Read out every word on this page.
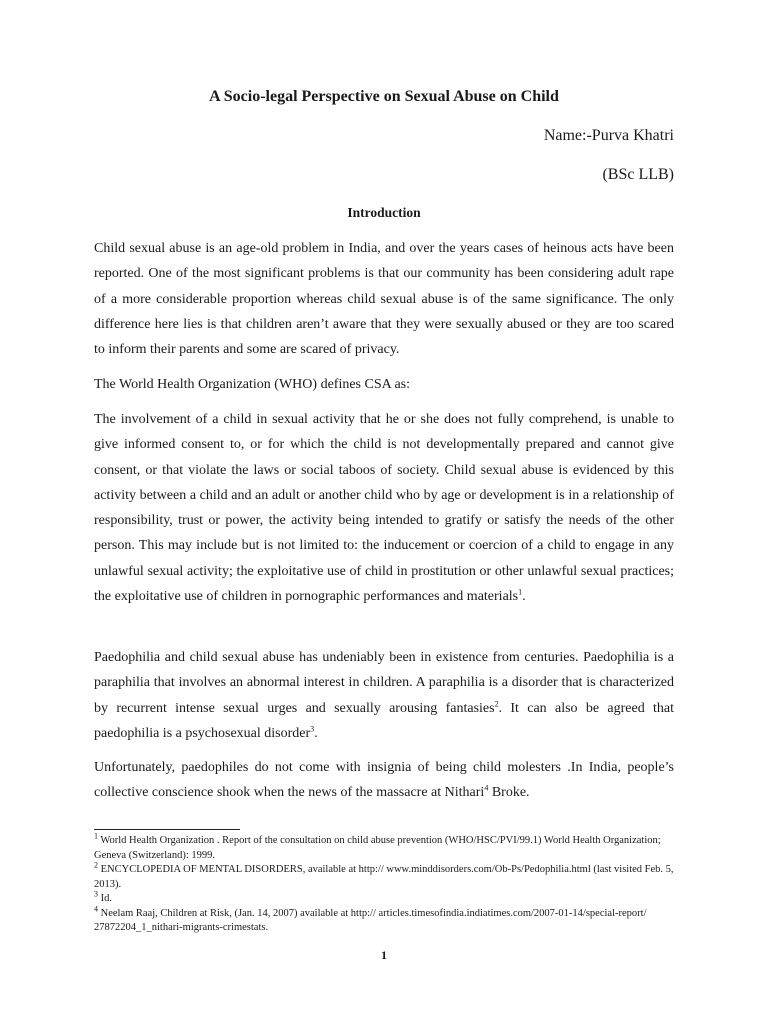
A Socio-legal Perspective on Sexual Abuse on Child
Name:-Purva Khatri
(BSc LLB)
Introduction

Child sexual abuse is an age-old problem in India, and over the years cases of heinous acts have been reported. One of the most significant problems is that our community has been considering adult rape of a more considerable proportion whereas child sexual abuse is of the same significance. The only difference here lies is that children aren’t aware that they were sexually abused or they are too scared to inform their parents and some are scared of privacy.

The World Health Organization (WHO) defines CSA as:

The involvement of a child in sexual activity that he or she does not fully comprehend, is unable to give informed consent to, or for which the child is not developmentally prepared and cannot give consent, or that violate the laws or social taboos of society. Child sexual abuse is evidenced by this activity between a child and an adult or another child who by age or development is in a relationship of responsibility, trust or power, the activity being intended to gratify or satisfy the needs of the other person. This may include but is not limited to: the inducement or coercion of a child to engage in any unlawful sexual activity; the exploitative use of child in prostitution or other unlawful sexual practices; the exploitative use of children in pornographic performances and materials$^1$.

Paedophilia and child sexual abuse has undeniably been in existence from centuries. Paedophilia is a paraphilia that involves an abnormal interest in children. A paraphilia is a disorder that is characterized by recurrent intense sexual urges and sexually arousing fantasies$^2$. It can also be agreed that paedophilia is a psychosexual disorder$^3$.

Unfortunately, paedophiles do not come with insignia of being child molesters .In India, people’s collective conscience shook when the news of the massacre at Nithari$^4$ Broke.

$^1$ World Health Organization . Report of the consultation on child abuse prevention (WHO/HSC/PVI/99.1) World Health Organization; Geneva (Switzerland): 1999.
$^2$ ENCYCLOPEDIA OF MENTAL DISORDERS, available at http:// www.minddisorders.com/Ob-Ps/Pedophilia.html (last visited Feb. 5, 2013).
$^3$ Id.
$^4$ Neelam Raaj, Children at Risk, (Jan. 14, 2007) available at http:// articles.timesofindia.indiatimes.com/2007-01-14/special-report/ 27872204_1_nithari-migrants-crimestats.
1
